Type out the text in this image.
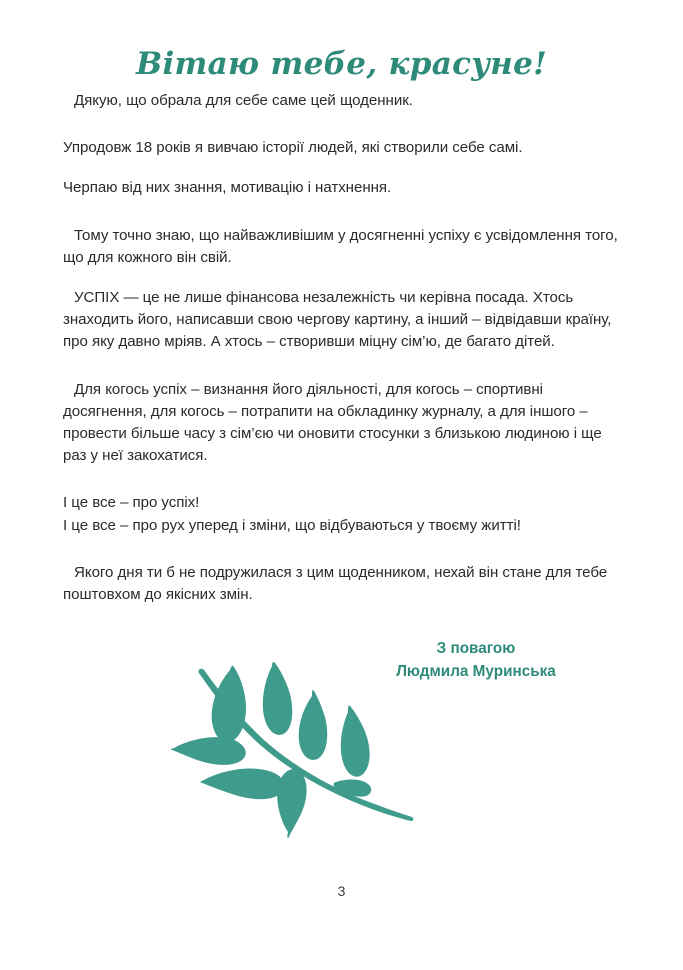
Вітаю тебе, красуне!

Дякую, що обрала для себе саме цей щоденник.

Упродовж 18 років я вивчаю історії людей, які створили себе самі.

Черпаю від них знання, мотивацію і натхнення.

Тому точно знаю, що найважливішим у досягненні успіху є усвідомлення того, що для кожного він свій.

УСПІХ — це не лише фінансова незалежність чи керівна посада. Хтось знаходить його, написавши свою чергову картину, а інший – відвідавши країну, про яку давно мріяв. А хтось – створивши міцну сім’ю, де багато дітей.

Для когось успіх – визнання його діяльності, для когось – спортивні досягнення, для когось – потрапити на обкладинку журналу, а для іншого – провести більше часу з сім’єю чи оновити стосунки з близькою людиною і ще раз у неї закохатися.

І це все – про успіх!

І це все – про рух уперед і зміни, що відбуваються у твоєму житті!

Якого дня ти б не подружилася з цим щоденником, нехай він стане для тебе поштовхом до якісних змін.

З повагою
Людмила Муринська
3
